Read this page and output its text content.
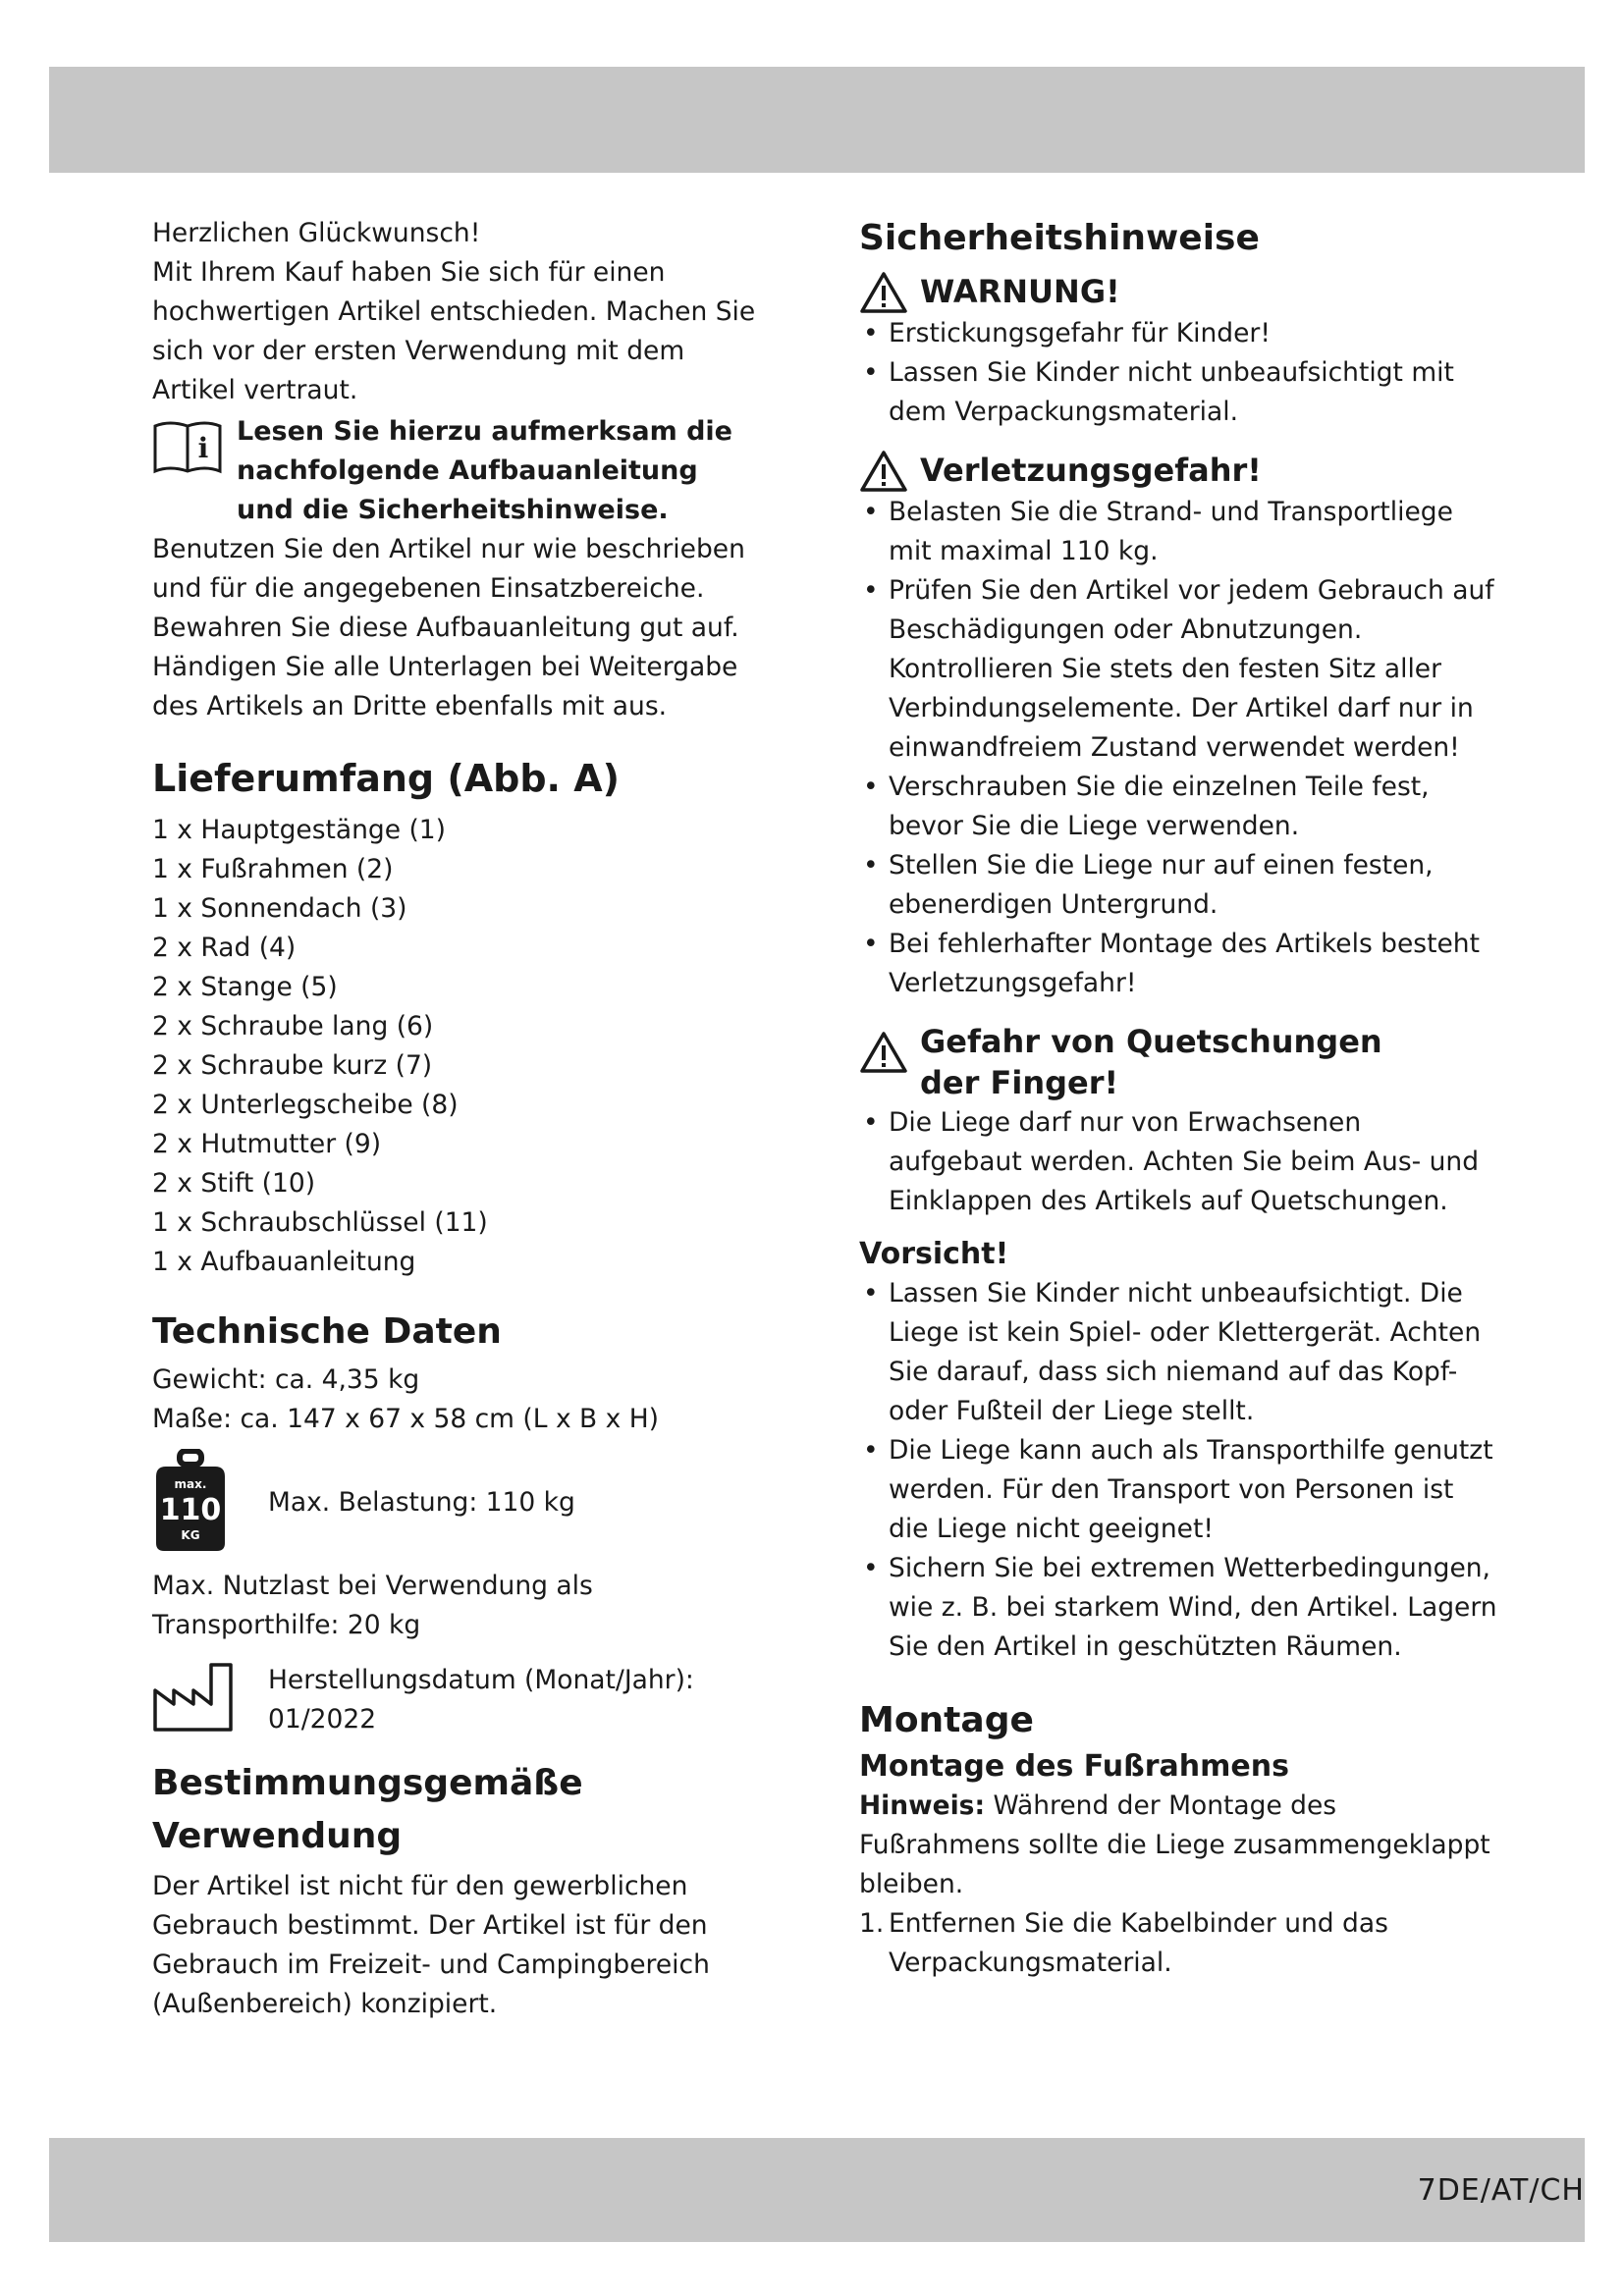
Herzlichen Glückwunsch!

Mit Ihrem Kauf haben Sie sich für einen hochwertigen Artikel entschieden. Machen Sie sich vor der ersten Verwendung mit dem Artikel vertraut.

i
Lesen Sie hierzu aufmerksam die nachfolgende Aufbauanleitung und die Sicherheitshinweise.

Benutzen Sie den Artikel nur wie beschrieben und für die angegebenen Einsatzbereiche. Bewahren Sie diese Aufbauanleitung gut auf. Händigen Sie alle Unterlagen bei Weitergabe des Artikels an Dritte ebenfalls mit aus.

Lieferumfang (Abb. A)
1 x Hauptgestänge (1)
1 x Fußrahmen (2)
1 x Sonnendach (3)
2 x Rad (4)
2 x Stange (5)
2 x Schraube lang (6)
2 x Schraube kurz (7)
2 x Unterlegscheibe (8)
2 x Hutmutter (9)
2 x Stift (10)
1 x Schraubschlüssel (11)
1 x Aufbauanleitung
Technische Daten

Gewicht: ca. 4,35 kg

Maße: ca. 147 x 67 x 58 cm (L x B x H)

max.
110
KG
Max. Belastung: 110 kg

Max. Nutzlast bei Verwendung als Transporthilfe: 20 kg

Herstellungsdatum (Monat/Jahr):
01/2022
Bestimmungsgemäße Verwendung

Der Artikel ist nicht für den gewerblichen Gebrauch bestimmt. Der Artikel ist für den Gebrauch im Freizeit- und Campingbereich (Außenbereich) konzipiert.

Sicherheitshinweise
WARNUNG!
• Erstickungsgefahr für Kinder!
• Lassen Sie Kinder nicht unbeaufsichtigt mit dem Verpackungsmaterial.
Verletzungsgefahr!
• Belasten Sie die Strand- und Transportliege mit maximal 110 kg.
• Prüfen Sie den Artikel vor jedem Gebrauch auf Beschädigungen oder Abnutzungen. Kontrollieren Sie stets den festen Sitz aller Verbindungselemente. Der Artikel darf nur in einwandfreiem Zustand verwendet werden!
• Verschrauben Sie die einzelnen Teile fest, bevor Sie die Liege verwenden.
• Stellen Sie die Liege nur auf einen festen, ebenerdigen Untergrund.
• Bei fehlerhafter Montage des Artikels besteht Verletzungsgefahr!
Gefahr von Quetschungen der Finger!
• Die Liege darf nur von Erwachsenen aufgebaut werden. Achten Sie beim Aus- und Einklappen des Artikels auf Quetschungen.
Vorsicht!
• Lassen Sie Kinder nicht unbeaufsichtigt. Die Liege ist kein Spiel- oder Klettergerät. Achten Sie darauf, dass sich niemand auf das Kopf- oder Fußteil der Liege stellt.
• Die Liege kann auch als Transporthilfe genutzt werden. Für den Transport von Personen ist die Liege nicht geeignet!
• Sichern Sie bei extremen Wetterbedingungen, wie z. B. bei starkem Wind, den Artikel. Lagern Sie den Artikel in geschützten Räumen.
Montage
Montage des Fußrahmens

Hinweis: Während der Montage des Fußrahmens sollte die Liege zusammengeklappt bleiben.

1. Entfernen Sie die Kabelbinder und das Verpackungsmaterial.
7DE/AT/CH
